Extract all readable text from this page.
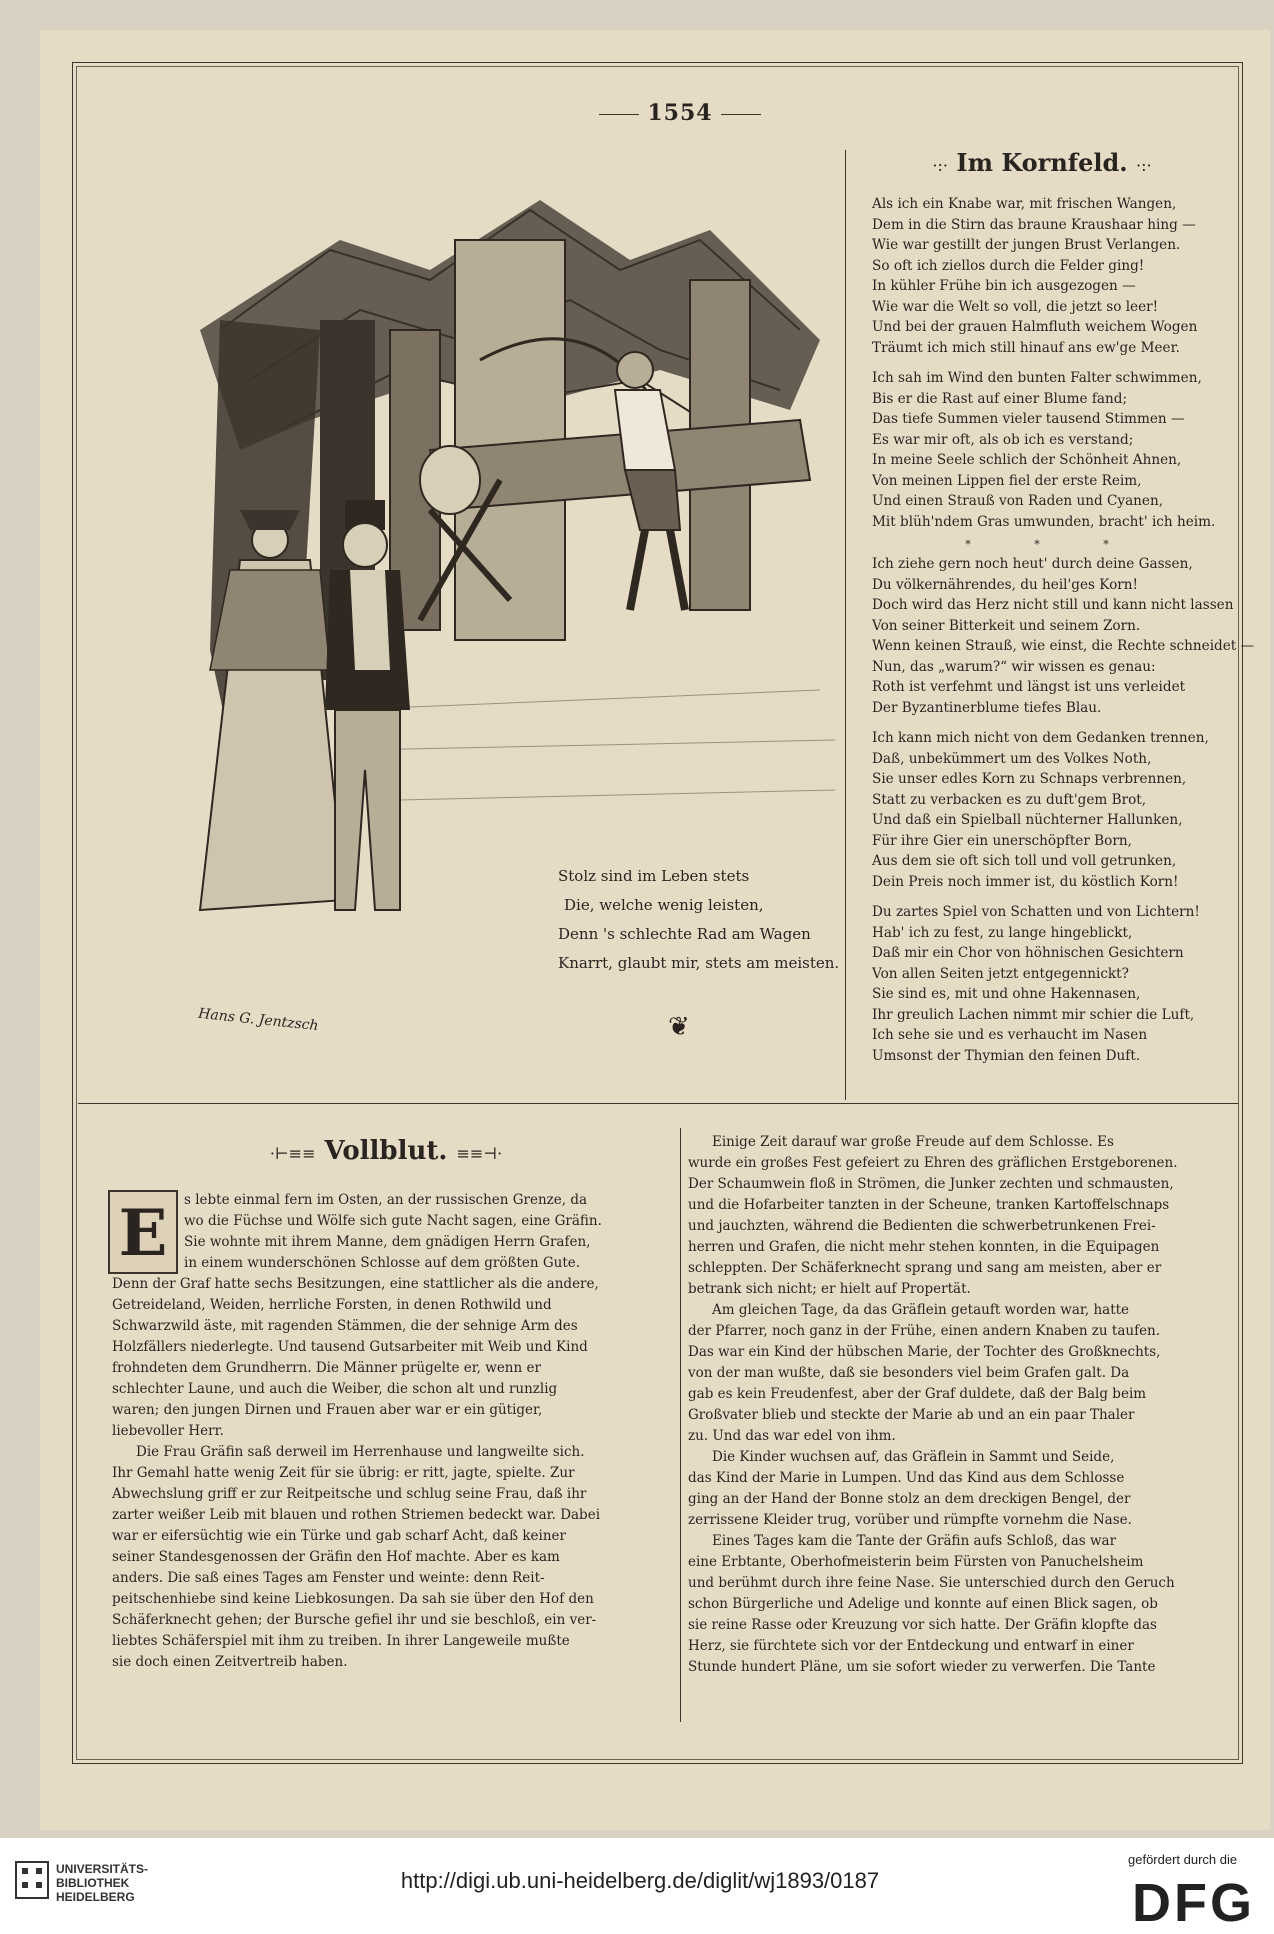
1554
Stolz sind im Leben stets
Die, welche wenig leisten,
Denn 's schlechte Rad am Wagen
Knarrt, glaubt mir, stets am meisten.
Hans G. Jentzsch	❦
·:· Im Kornfeld. ·:·
Als ich ein Knabe war, mit frischen Wangen,
Dem in die Stirn das braune Kraushaar hing —
Wie war gestillt der jungen Brust Verlangen.
So oft ich ziellos durch die Felder ging!
In kühler Frühe bin ich ausgezogen —
Wie war die Welt so voll, die jetzt so leer!
Und bei der grauen Halmfluth weichem Wogen
Träumt ich mich still hinauf ans ew'ge Meer.
Ich sah im Wind den bunten Falter schwimmen,
Bis er die Rast auf einer Blume fand;
Das tiefe Summen vieler tausend Stimmen —
Es war mir oft, als ob ich es verstand;
In meine Seele schlich der Schönheit Ahnen,
Von meinen Lippen fiel der erste Reim,
Und einen Strauß von Raden und Cyanen,
Mit blüh'ndem Gras umwunden, bracht' ich heim.
* * *
Ich ziehe gern noch heut' durch deine Gassen,
Du völkernährendes, du heil'ges Korn!
Doch wird das Herz nicht still und kann nicht lassen
Von seiner Bitterkeit und seinem Zorn.
Wenn keinen Strauß, wie einst, die Rechte schneidet —
Nun, das „warum?“ wir wissen es genau:
Roth ist verfehmt und längst ist uns verleidet
Der Byzantinerblume tiefes Blau.
Ich kann mich nicht von dem Gedanken trennen,
Daß, unbekümmert um des Volkes Noth,
Sie unser edles Korn zu Schnaps verbrennen,
Statt zu verbacken es zu duft'gem Brot,
Und daß ein Spielball nüchterner Hallunken,
Für ihre Gier ein unerschöpfter Born,
Aus dem sie oft sich toll und voll getrunken,
Dein Preis noch immer ist, du köstlich Korn!
Du zartes Spiel von Schatten und von Lichtern!
Hab' ich zu fest, zu lange hingeblickt,
Daß mir ein Chor von höhnischen Gesichtern
Von allen Seiten jetzt entgegennickt?
Sie sind es, mit und ohne Hakennasen,
Ihr greulich Lachen nimmt mir schier die Luft,
Ich sehe sie und es verhaucht im Nasen
Umsonst der Thymian den feinen Duft.
·⊢≡≡ Vollblut. ≡≡⊣·
E	s lebte einmal fern im Osten, an der russischen Grenze, da
wo die Füchse und Wölfe sich gute Nacht sagen, eine Gräfin.
Sie wohnte mit ihrem Manne, dem gnädigen Herrn Grafen,
in einem wunderschönen Schlosse auf dem größten Gute.
Denn der Graf hatte sechs Besitzungen, eine stattlicher als die andere,
Getreideland, Weiden, herrliche Forsten, in denen Rothwild und
Schwarzwild äste, mit ragenden Stämmen, die der sehnige Arm des
Holzfällers niederlegte. Und tausend Gutsarbeiter mit Weib und Kind
frohndeten dem Grundherrn. Die Männer prügelte er, wenn er
schlechter Laune, und auch die Weiber, die schon alt und runzlig
waren; den jungen Dirnen und Frauen aber war er ein gütiger,
liebevoller Herr.
Die Frau Gräfin saß derweil im Herrenhause und langweilte sich.
Ihr Gemahl hatte wenig Zeit für sie übrig: er ritt, jagte, spielte. Zur
Abwechslung griff er zur Reitpeitsche und schlug seine Frau, daß ihr
zarter weißer Leib mit blauen und rothen Striemen bedeckt war. Dabei
war er eifersüchtig wie ein Türke und gab scharf Acht, daß keiner
seiner Standesgenossen der Gräfin den Hof machte. Aber es kam
anders. Die saß eines Tages am Fenster und weinte: denn Reit-
peitschenhiebe sind keine Liebkosungen. Da sah sie über den Hof den
Schäferknecht gehen; der Bursche gefiel ihr und sie beschloß, ein ver-
liebtes Schäferspiel mit ihm zu treiben. In ihrer Langeweile mußte
sie doch einen Zeitvertreib haben.
Einige Zeit darauf war große Freude auf dem Schlosse. Es
wurde ein großes Fest gefeiert zu Ehren des gräflichen Erstgeborenen.
Der Schaumwein floß in Strömen, die Junker zechten und schmausten,
und die Hofarbeiter tanzten in der Scheune, tranken Kartoffelschnaps
und jauchzten, während die Bedienten die schwerbetrunkenen Frei-
herren und Grafen, die nicht mehr stehen konnten, in die Equipagen
schleppten. Der Schäferknecht sprang und sang am meisten, aber er
betrank sich nicht; er hielt auf Propertät.
Am gleichen Tage, da das Gräflein getauft worden war, hatte
der Pfarrer, noch ganz in der Frühe, einen andern Knaben zu taufen.
Das war ein Kind der hübschen Marie, der Tochter des Großknechts,
von der man wußte, daß sie besonders viel beim Grafen galt. Da
gab es kein Freudenfest, aber der Graf duldete, daß der Balg beim
Großvater blieb und steckte der Marie ab und an ein paar Thaler
zu. Und das war edel von ihm.
Die Kinder wuchsen auf, das Gräflein in Sammt und Seide,
das Kind der Marie in Lumpen. Und das Kind aus dem Schlosse
ging an der Hand der Bonne stolz an dem dreckigen Bengel, der
zerrissene Kleider trug, vorüber und rümpfte vornehm die Nase.
Eines Tages kam die Tante der Gräfin aufs Schloß, das war
eine Erbtante, Oberhofmeisterin beim Fürsten von Panuchelsheim
und berühmt durch ihre feine Nase. Sie unterschied durch den Geruch
schon Bürgerliche und Adelige und konnte auf einen Blick sagen, ob
sie reine Rasse oder Kreuzung vor sich hatte. Der Gräfin klopfte das
Herz, sie fürchtete sich vor der Entdeckung und entwarf in einer
Stunde hundert Pläne, um sie sofort wieder zu verwerfen. Die Tante
UNIVERSITÄTS-
BIBLIOTHEK
HEIDELBERG
http://digi.ub.uni-heidelberg.de/diglit/wj1893/0187
gefördert durch die
DFG
